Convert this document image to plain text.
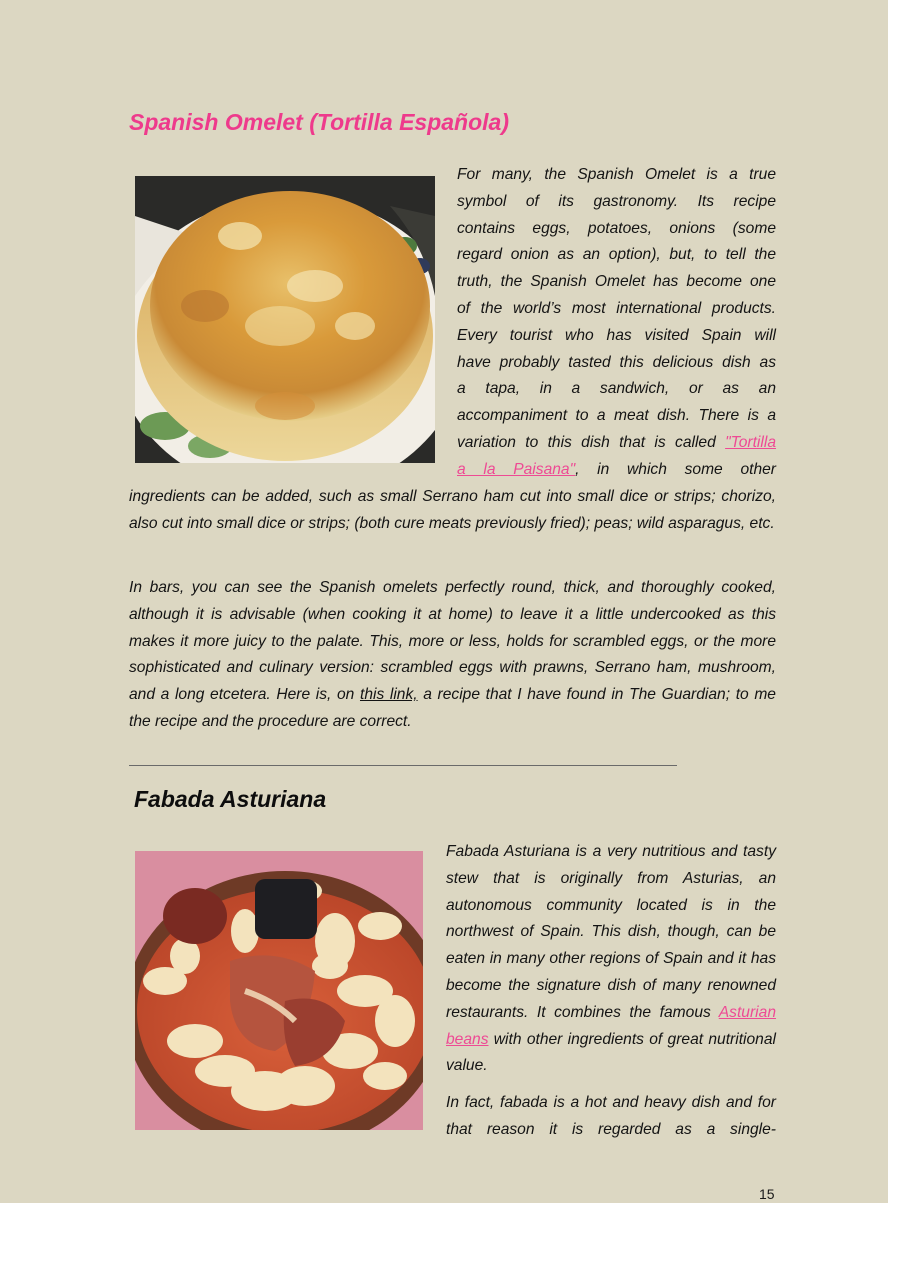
Spanish Omelet (Tortilla Española)

For many, the Spanish Omelet is a true
symbol of its gastronomy. Its recipe
contains eggs, potatoes, onions (some
regard onion as an option), but, to tell the
truth, the Spanish Omelet has become one
of the world’s most international products.
Every tourist who has visited Spain will
have probably tasted this delicious dish as
a tapa, in a sandwich, or as an
accompaniment to a meat dish. There is a
variation to this dish that is called "Tortilla
a la Paisana", in which some other

ingredients can be added, such as small Serrano ham cut into small dice or strips; chorizo, also cut into small dice or strips; (both cure meats previously fried); peas; wild asparagus, etc.

In bars, you can see the Spanish omelets perfectly round, thick, and thoroughly cooked, although it is advisable (when cooking it at home) to leave it a little undercooked as this makes it more juicy to the palate. This, more or less, holds for scrambled eggs, or the more sophisticated and culinary version: scrambled eggs with prawns, Serrano ham, mushroom, and a long etcetera. Here is, on this link, a recipe that I have found in The Guardian; to me the recipe and the procedure are correct.

Fabada Asturiana

Fabada Asturiana is a very nutritious and tasty stew that is originally from Asturias, an autonomous community located is in the northwest of Spain. This dish, though, can be eaten in many other regions of Spain and it has become the signature dish of many renowned restaurants. It combines the famous Asturian beans with other ingredients of great nutritional value.

In fact, fabada is a hot and heavy dish and for that reason it is regarded as a single-

15
